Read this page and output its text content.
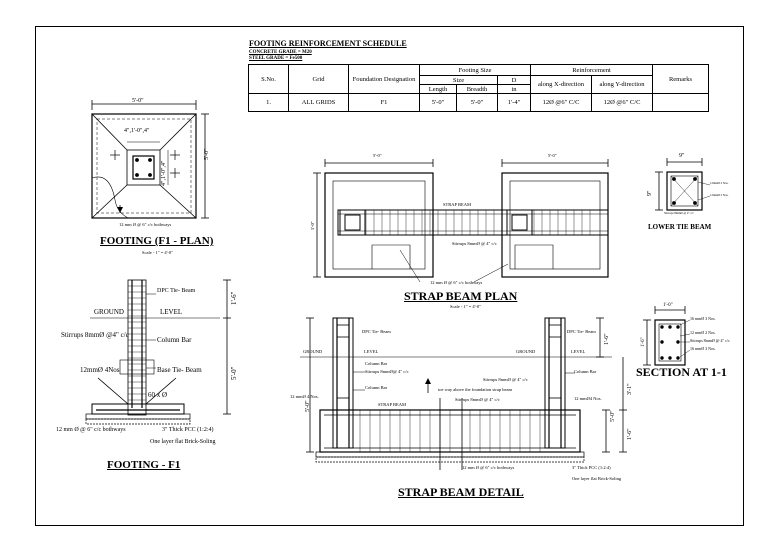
FOOTING REINFORCEMENT SCHEDULE
CONCRETE GRADE = M20
STEEL GRADE = Fe500
S.No.	Grid	Foundation Designation	Footing Size			Reinforcement		Remarks
			Size		D	along X-direction	along Y-direction	
			Length	Breadth	in			
1.	ALL GRIDS	F1	5'-0"	5'-0"	1'-4"	12Ø @6" C/C	12Ø @6" C/C	
5'-0"
5'-0"
4",1'-0",4"
4",1'-0",4"
12 mm Ø @ 6" c/c bothways
FOOTING (F1 - PLAN)
Scale - 1" = 4'-0"
DPC Tie- Beam
GROUND	LEVEL
Stirrups 8mmØ @4" c/c
Column Bar
12mmØ 4Nos	Base Tie- Beam
60 x Ø
12 mm Ø @ 6" c/c bothways	3" Thick PCC (1:2:4)
One layer flat Brick-Soling
1'-6"
5'-0"
FOOTING - F1
5'-0"	5'-0"
5'-0"
STRAP BEAM
Stirrups 8mmØ @ 4" c/c
12 mm Ø @ 6" c/c bothways
STRAP BEAM PLAN
Scale - 1" = 4'-0"
9"
9"
12mmØ 2 Nos.
12mmØ 2 Nos.
Stirrups 8mmØ @ 4" c/c
LOWER TIE BEAM
1'-0"
1'-6"
16 mmØ 3 Nos.
12 mmØ 2 Nos.
Stirrups 8mmØ @ 4" c/c
16 mmØ 3 Nos.
SECTION AT 1-1
DPC Tie- Beam	DPC Tie- Beam
GROUND	LEVEL	GROUND	LEVEL
Column Bar
Stirrups 8mmØ@ 4" c/c
Column Bar
Column Bar
Stirrups 8mmØ @ 4" c/c
toe way above the foundation strap beam
Stirrups 8mmØ @ 4" c/c
12 mmØ 4 Nos.	12 mmØ4 Nos.
STRAP BEAM
12 mm Ø @ 6" c/c bothways	3" Thick PCC (1:2:4)
One layer flat Brick-Soling
5'-0"
1'-6"
3'-1"
5'-0"
1'-6"
STRAP BEAM DETAIL
